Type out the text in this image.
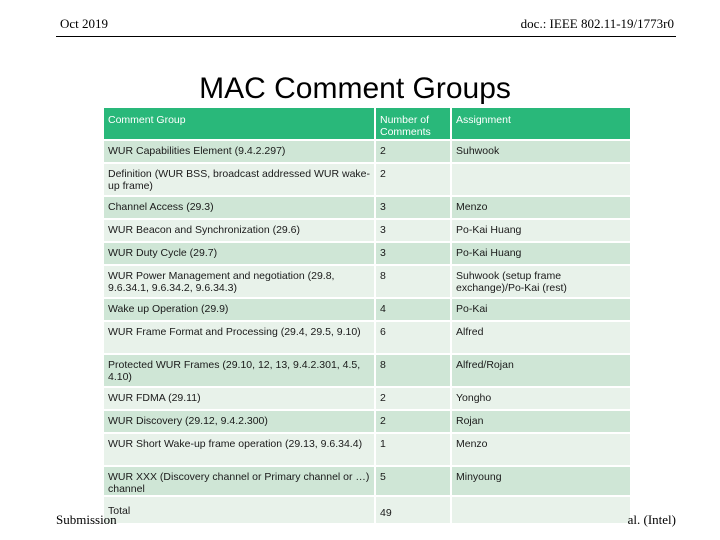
Oct 2019	doc.: IEEE 802.11-19/1773r0
MAC Comment Groups
Comment Group	Number of Comments	Assignment
WUR Capabilities Element (9.4.2.297)	2	Suhwook
Definition (WUR BSS, broadcast addressed WUR wake-up frame)	2	
Channel Access (29.3)	3	Menzo
WUR Beacon and Synchronization (29.6)	3	Po-Kai Huang
WUR Duty Cycle (29.7)	3	Po-Kai Huang
WUR Power Management and negotiation (29.8, 9.6.34.1, 9.6.34.2, 9.6.34.3)	8	Suhwook (setup frame exchange)/Po-Kai (rest)
Wake up Operation (29.9)	4	Po-Kai
WUR Frame Format and Processing (29.4, 29.5, 9.10)	6	Alfred
Protected WUR Frames (29.10, 12, 13, 9.4.2.301, 4.5, 4.10)	8	Alfred/Rojan
WUR FDMA (29.11)	2	Yongho
WUR Discovery (29.12, 9.4.2.300)	2	Rojan
WUR Short Wake-up frame operation (29.13, 9.6.34.4)	1	Menzo
WUR XXX (Discovery channel or Primary channel or …) channel	5	Minyoung
Total	49	
Submission	al. (Intel)
